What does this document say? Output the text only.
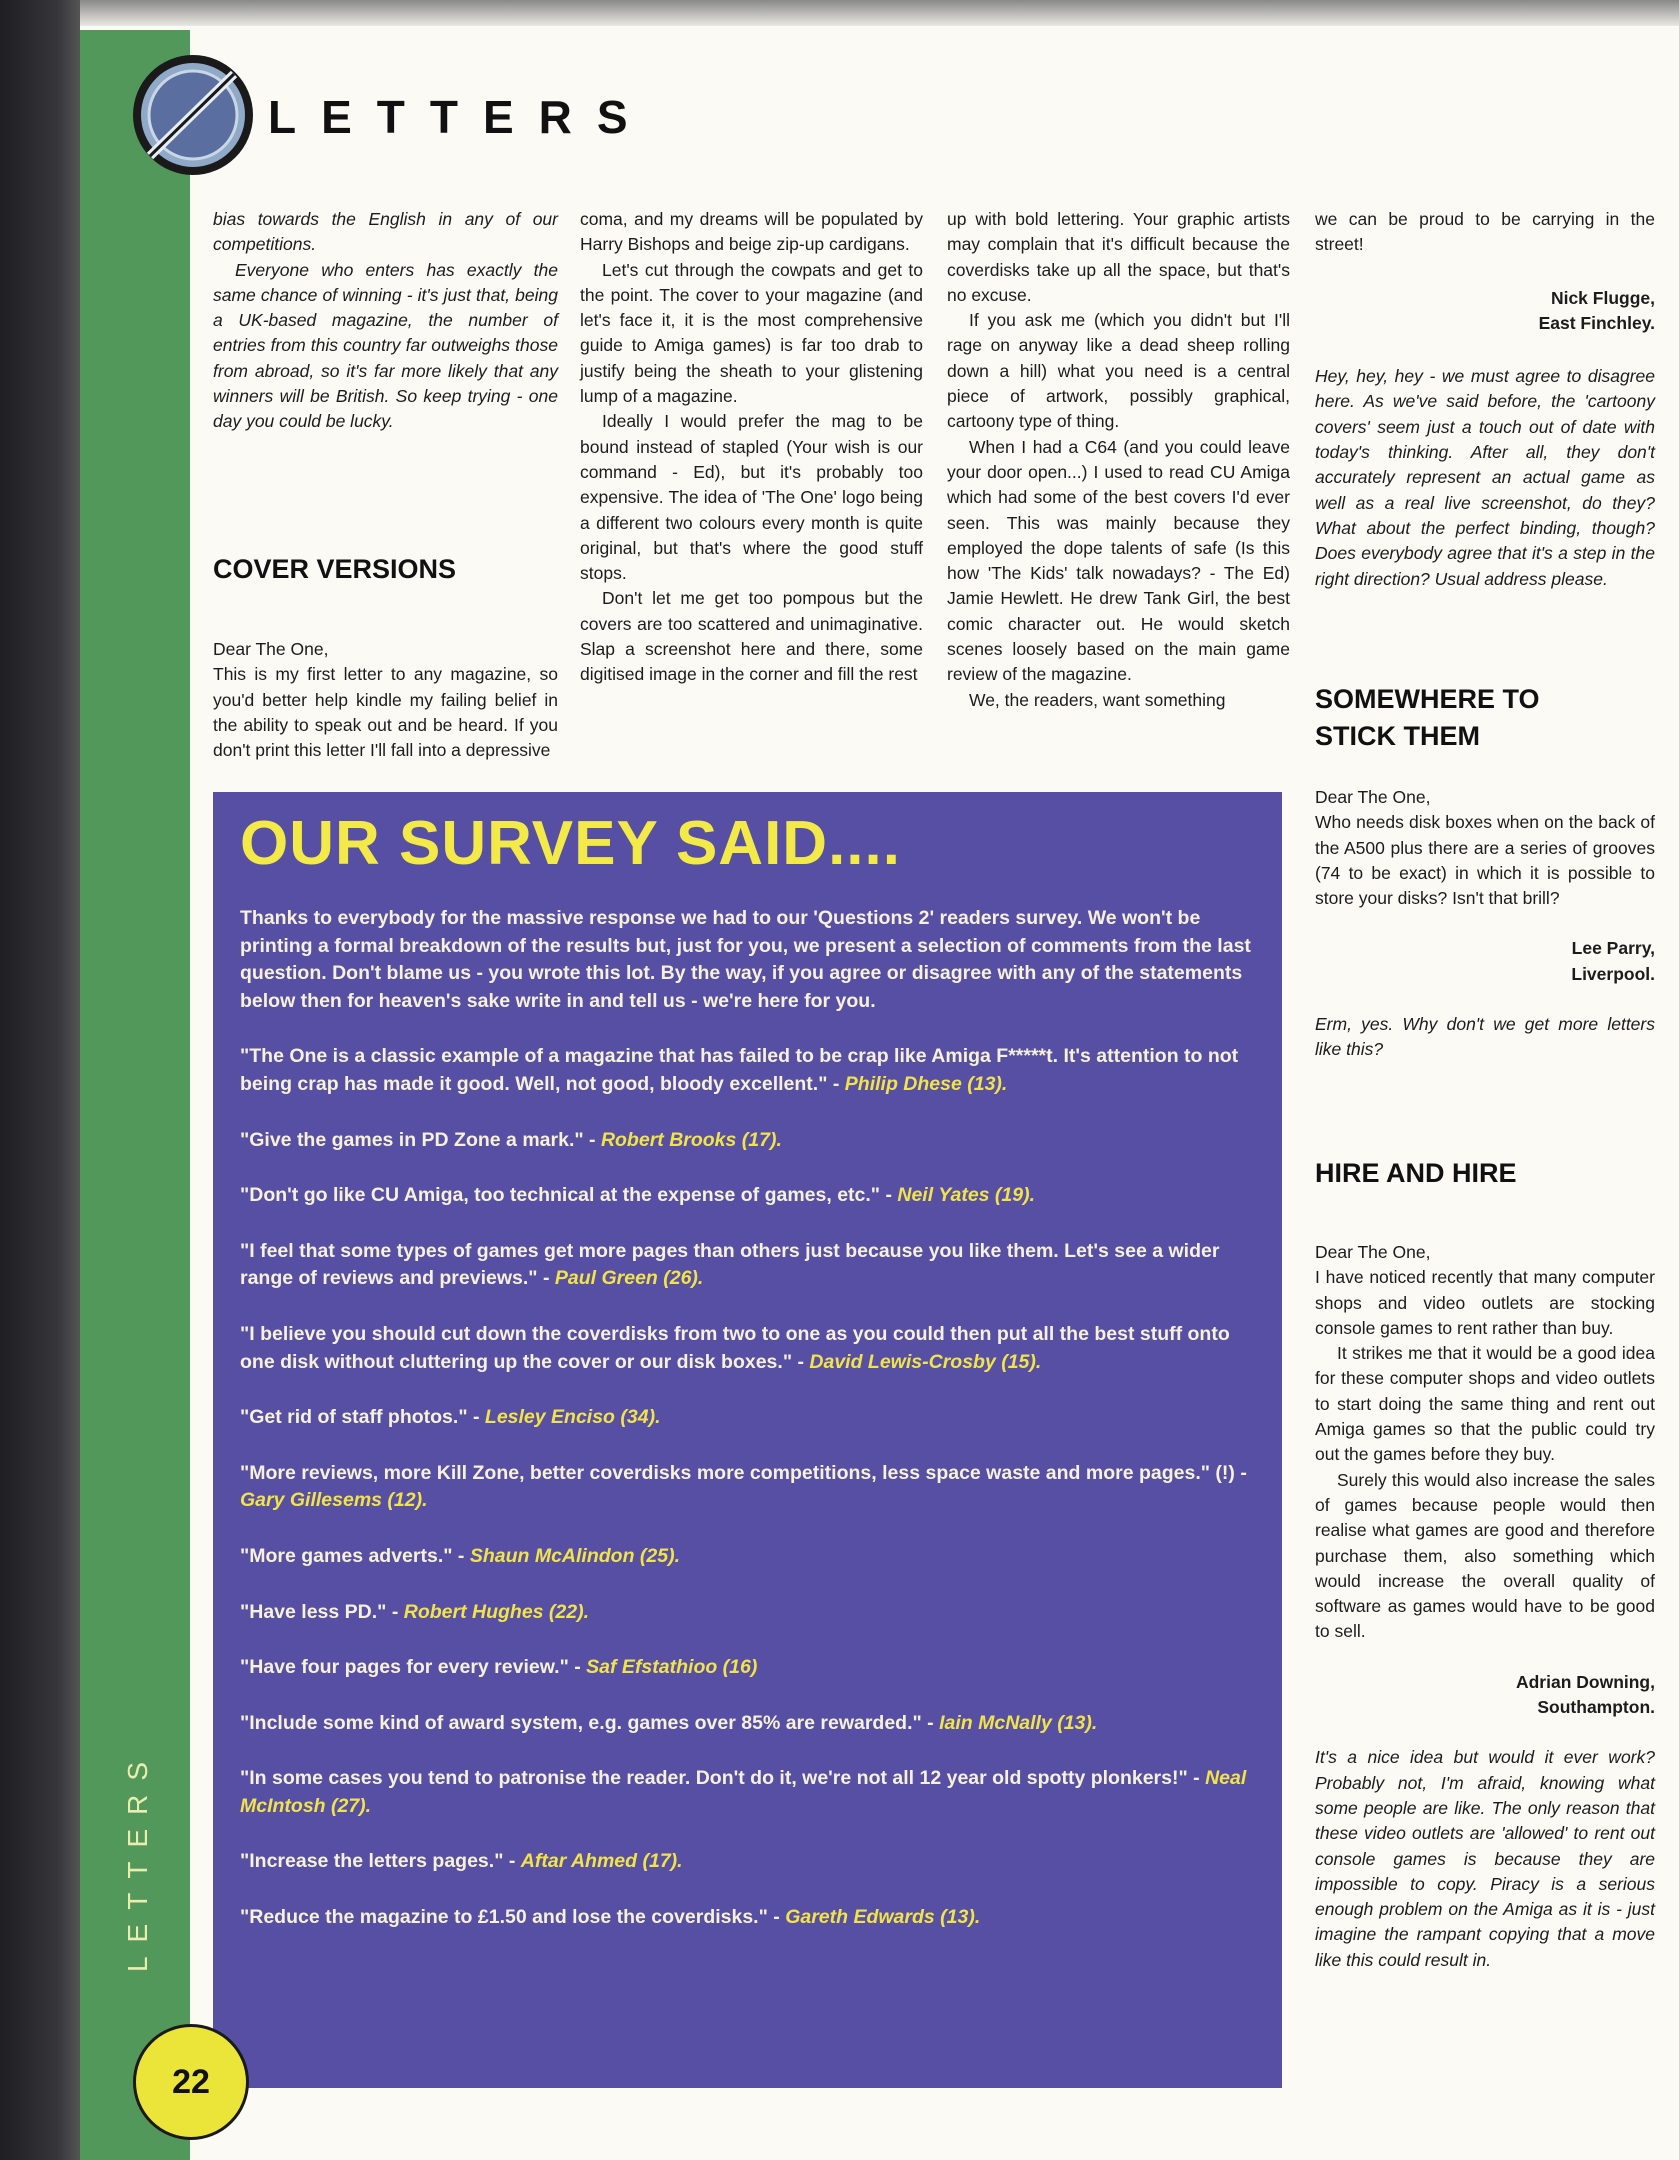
LETTERS

bias towards the English in any of our competitions.

Everyone who enters has exactly the same chance of winning - it's just that, being a UK-based magazine, the number of entries from this country far outweighs those from abroad, so it's far more likely that any winners will be British. So keep trying - one day you could be lucky.

COVER VERSIONS

Dear The One,

This is my first letter to any magazine, so you'd better help kindle my failing belief in the ability to speak out and be heard. If you don't print this letter I'll fall into a depressive

coma, and my dreams will be populated by Harry Bishops and beige zip-up cardigans.

Let's cut through the cowpats and get to the point. The cover to your magazine (and let's face it, it is the most comprehensive guide to Amiga games) is far too drab to justify being the sheath to your glistening lump of a magazine.

Ideally I would prefer the mag to be bound instead of stapled (Your wish is our command - Ed), but it's probably too expensive. The idea of 'The One' logo being a different two colours every month is quite original, but that's where the good stuff stops.

Don't let me get too pompous but the covers are too scattered and unimaginative. Slap a screenshot here and there, some digitised image in the corner and fill the rest

up with bold lettering. Your graphic artists may complain that it's difficult because the coverdisks take up all the space, but that's no excuse.

If you ask me (which you didn't but I'll rage on anyway like a dead sheep rolling down a hill) what you need is a central piece of artwork, possibly graphical, cartoony type of thing.

When I had a C64 (and you could leave your door open...) I used to read CU Amiga which had some of the best covers I'd ever seen. This was mainly because they employed the dope talents of safe (Is this how 'The Kids' talk nowadays? - The Ed) Jamie Hewlett. He drew Tank Girl, the best comic character out. He would sketch scenes loosely based on the main game review of the magazine.

We, the readers, want something

we can be proud to be carrying in the street!

Nick Flugge,

East Finchley.

Hey, hey, hey - we must agree to disagree here. As we've said before, the 'cartoony covers' seem just a touch out of date with today's thinking. After all, they don't accurately represent an actual game as well as a real live screenshot, do they? What about the perfect binding, though? Does everybody agree that it's a step in the right direction? Usual address please.

SOMEWHERE TO
STICK THEM

Dear The One,

Who needs disk boxes when on the back of the A500 plus there are a series of grooves (74 to be exact) in which it is possible to store your disks? Isn't that brill?

Lee Parry,

Liverpool.

Erm, yes. Why don't we get more letters like this?

HIRE AND HIRE

Dear The One,

I have noticed recently that many computer shops and video outlets are stocking console games to rent rather than buy.

It strikes me that it would be a good idea for these computer shops and video outlets to start doing the same thing and rent out Amiga games so that the public could try out the games before they buy.

Surely this would also increase the sales of games because people would then realise what games are good and therefore purchase them, also something which would increase the overall quality of software as games would have to be good to sell.

Adrian Downing,

Southampton.

It's a nice idea but would it ever work? Probably not, I'm afraid, knowing what some people are like. The only reason that these video outlets are 'allowed' to rent out console games is because they are impossible to copy. Piracy is a serious enough problem on the Amiga as it is - just imagine the rampant copying that a move like this could result in.

OUR SURVEY SAID....

Thanks to everybody for the massive response we had to our 'Questions 2' readers survey. We won't be printing a formal breakdown of the results but, just for you, we present a selection of comments from the last question. Don't blame us - you wrote this lot. By the way, if you agree or disagree with any of the statements below then for heaven's sake write in and tell us - we're here for you.

"The One is a classic example of a magazine that has failed to be crap like Amiga F*****t. It's attention to not being crap has made it good. Well, not good, bloody excellent." - Philip Dhese (13).

"Give the games in PD Zone a mark." - Robert Brooks (17).

"Don't go like CU Amiga, too technical at the expense of games, etc." - Neil Yates (19).

"I feel that some types of games get more pages than others just because you like them. Let's see a wider range of reviews and previews." - Paul Green (26).

"I believe you should cut down the coverdisks from two to one as you could then put all the best stuff onto one disk without cluttering up the cover or our disk boxes." - David Lewis-Crosby (15).

"Get rid of staff photos." - Lesley Enciso (34).

"More reviews, more Kill Zone, better coverdisks more competitions, less space waste and more pages." (!) - Gary Gillesems (12).

"More games adverts." - Shaun McAlindon (25).

"Have less PD." - Robert Hughes (22).

"Have four pages for every review." - Saf Efstathioo (16)

"Include some kind of award system, e.g. games over 85% are rewarded." - Iain McNally (13).

"In some cases you tend to patronise the reader. Don't do it, we're not all 12 year old spotty plonkers!" - Neal McIntosh (27).

"Increase the letters pages." - Aftar Ahmed (17).

"Reduce the magazine to £1.50 and lose the coverdisks." - Gareth Edwards (13).

LETTERS
22
